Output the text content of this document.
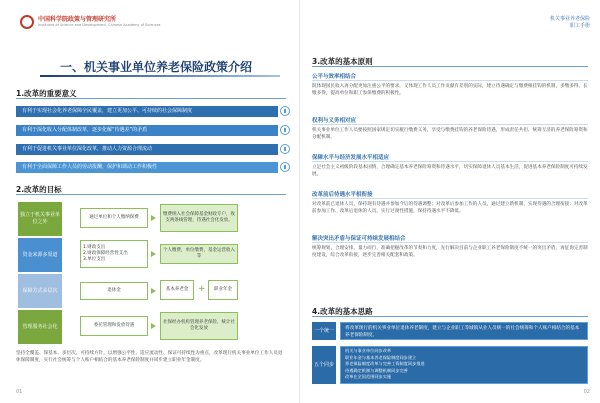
中国科学院政策与管理研究所
Institutes of Science and Development, Chinese Academy of Sciences
一、机关事业单位养老保险政策介绍
1.改革的重要意义
有利于实现社会化养老保障全民覆盖，建立更加公平、可持续的社会保障制度
有利于深化收入分配体制改革，逐步化解“待遇差”的矛盾
有利于促进机关事业单位深化改革，推动人力资源合理流动
有利于全面保障工作人员的劳动报酬，保护和调动工作积极性
2.改革的目标
独立于机关事业单位之外
通过单位和个人缴纳保费
缴费纳入社会保障基金财政专户，收支两条线管理，待遇社会化发放。
资金来源多渠道
1.财政支出
2.财政保障经营性支出
3.单位支出
个人缴费，单位缴费，基金运营收入等
保障方式多层次	退休金	基本养老金	+	职业年金
管理服务社会化	委托管理和发放待遇
社保经办机构管理养老保险，统计社会化发放
坚持全覆盖、保基本、多层次、可持续方针，以增强公平性、适应流动性、保证可持续性为重点，改革现行机关事业单位工作人员退休保障制度，实行社会统筹与个人账户相结合的基本养老保险制度并同步建立职业年金制度。
01
机关事业养老保险
职工手册
3.改革的基本原则
公平与效率相结合
既体现国民收入再分配更加注重公平的要求，又体现工作人员工作贡献有差别的实际，建立待遇确定与缴费相挂钩的机制，多缴多得、长缴多得，提高单位和职工参保缴费的积极性。
权利与义务相对应
机关事业单位工作人员要按照国家规定切实履行缴费义务，享受与缴费挂钩的养老保险待遇，形成责任共担、统筹互济的养老保险筹资和分配机制。
保障水平与经济发展水平相适应
立足社会主义初级阶段基本国情，合理确定基本养老保险筹资和待遇水平，切实保障退休人员基本生活，促进基本养老保险制度可持续发展。
改革前后待遇水平相衔接
对改革前已退休人员，保持现有待遇并参加今后的待遇调整；对改革后参加工作的人员，通过建立新机制，实现待遇的合理衔接；对改革前参加工作、改革后退休的人员，实行过渡性措施，保持待遇水平不降低。
解决突出矛盾与保证可持续发展相结合
统筹规划、合理安排、量力而行，准确把握改革的节奏和力度，先行解决目前与企业职工养老保险制度不统一的突出矛盾，再征询完善制度建设，综合改革衔接，逐步完善相关配套和政策。
4.改革的基本思路
一个统一	将改革现行的机关事业单位退休养老制度，建立与企业职工等城镇从业人员统一的社会统筹和个人账户相结合的基本养老保险制度。
五个同步
机关与事业单位同步改革
职业年金与基本养老保险制度同步建立
养老保险制度改革与完善工资制度同步推进
待遇确定机制与调整机制同步完善
改革在全国范围同步实施
02
